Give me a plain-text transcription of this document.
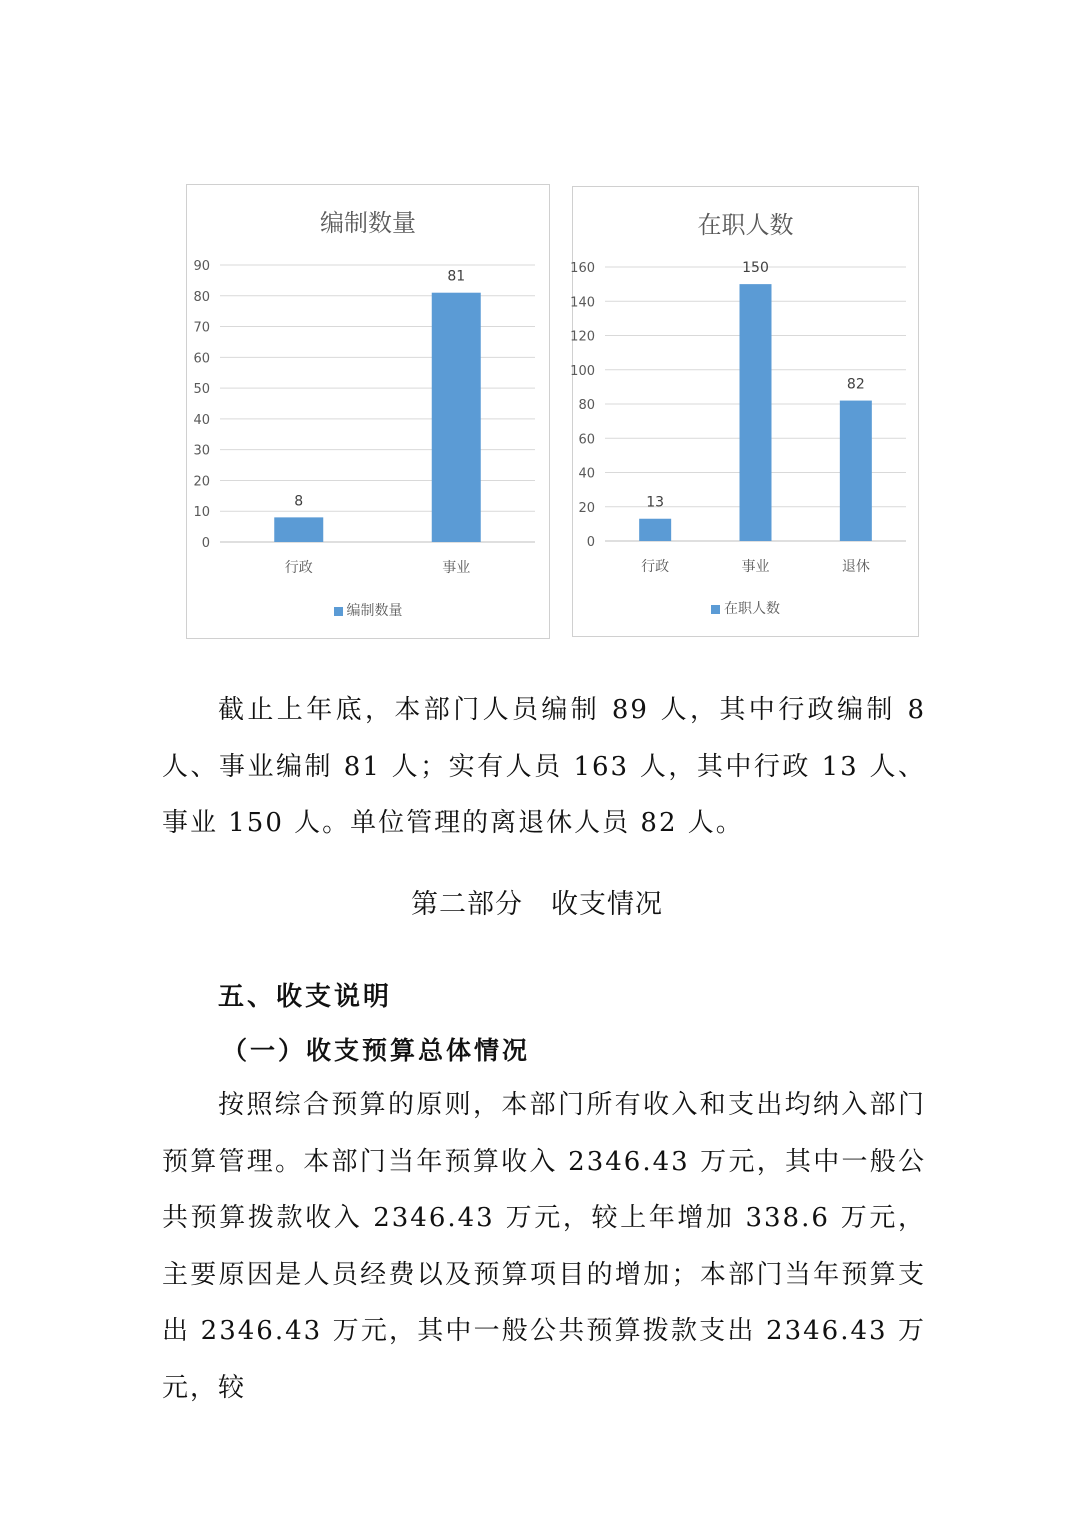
编制数量
0
10
20
30
40
50
60
70
80
90
8
行政
81
事业
编制数量
在职人数
0
20
40
60
80
100
120
140
160
13
行政
150
事业
82
退休
在职人数

截止上年底，本部门人员编制 89 人，其中行政编制 8 人、事业编制 81 人；实有人员 163 人，其中行政 13 人、事业 150 人。单位管理的离退休人员 82 人。

第二部分　收支情况
五、收支说明
（一）收支预算总体情况

按照综合预算的原则，本部门所有收入和支出均纳入部门预算管理。本部门当年预算收入 2346.43 万元，其中一般公共预算拨款收入 2346.43 万元，较上年增加 338.6 万元，主要原因是人员经费以及预算项目的增加；本部门当年预算支出 2346.43 万元，其中一般公共预算拨款支出 2346.43 万元，较
